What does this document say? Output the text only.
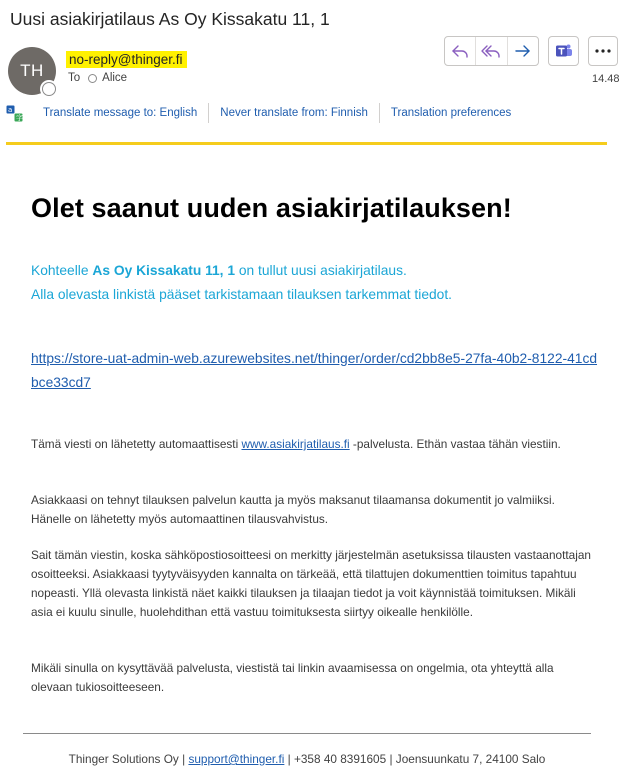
Uusi asiakirjatilaus As Oy Kissakatu 11, 1
TH
no-reply@thinger.fi
To Alice	14.48
a
字	Translate message to: English	Never translate from: Finnish	Translation preferences
Olet saanut uuden asiakirjatilauksen!
Kohteelle As Oy Kissakatu 11, 1 on tullut uusi asiakirjatilaus.
Alla olevasta linkistä pääset tarkistamaan tilauksen tarkemmat tiedot.
https://store-uat-admin-web.azurewebsites.net/thinger/order/cd2bb8e5-27fa-40b2-8122-41cdbce33cd7
Tämä viesti on lähetetty automaattisesti www.asiakirjatilaus.fi -palvelusta. Ethän vastaa tähän viestiin.
Asiakkaasi on tehnyt tilauksen palvelun kautta ja myös maksanut tilaamansa dokumentit jo valmiiksi. Hänelle on lähetetty myös automaattinen tilausvahvistus.
Sait tämän viestin, koska sähköpostiosoitteesi on merkitty järjestelmän asetuksissa tilausten vastaanottajan osoitteeksi. Asiakkaasi tyytyväisyyden kannalta on tärkeää, että tilattujen dokumenttien toimitus tapahtuu nopeasti. Yllä olevasta linkistä näet kaikki tilauksen ja tilaajan tiedot ja voit käynnistää toimituksen. Mikäli asia ei kuulu sinulle, huolehdithan että vastuu toimituksesta siirtyy oikealle henkilölle.
Mikäli sinulla on kysyttävää palvelusta, viestistä tai linkin avaamisessa on ongelmia, ota yhteyttä alla olevaan tukiosoitteeseen.
Thinger Solutions Oy | support@thinger.fi | +358 40 8391605 | Joensuunkatu 7, 24100 Salo
